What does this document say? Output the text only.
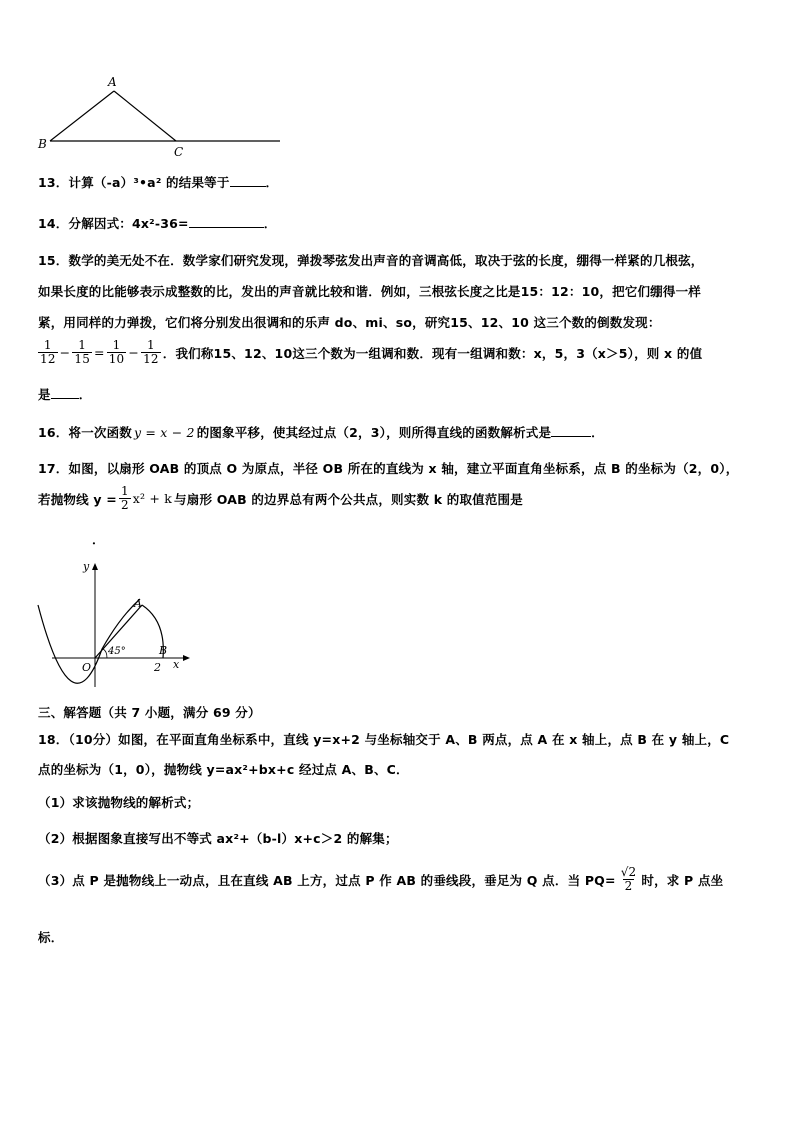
A
B
C
13．计算（-a）³•a² 的结果等于	．
14．分解因式：4x²-36=	．
15．数学的美无处不在．数学家们研究发现，弹拨琴弦发出声音的音调高低，取决于弦的长度，绷得一样紧的几根弦，
如果长度的比能够表示成整数的比，发出的声音就比较和谐．例如，三根弦长度之比是15：12：10，把它们绷得一样
紧，用同样的力弹拨，它们将分别发出很调和的乐声 do、mi、so，研究15、12、10 这三个数的倒数发现：
$\frac{1}{12} - \frac{1}{15} = \frac{1}{10} - \frac{1}{12}$ ．我们称15、12、10这三个数为一组调和数．现有一组调和数：x，5，3（x＞5），则 x 的值
是 ．
16．将一次函数 y = x − 2 的图象平移，使其经过点（2，3），则所得直线的函数解析式是	．
17．如图，以扇形 OAB 的顶点 O 为原点，半径 OB 所在的直线为 x 轴，建立平面直角坐标系，点 B 的坐标为（2，0），
若抛物线 $y = \frac{1}{2} x^2 + k$ 与扇形 OAB 的边界总有两个公共点，则实数 k 的取值范围是
．
y
A
45°	B
O	2 x
三、解答题（共 7 小题，满分 69 分）
18．（10分）如图，在平面直角坐标系中，直线 y=x+2 与坐标轴交于 A、B 两点，点 A 在 x 轴上，点 B 在 y 轴上，C
点的坐标为（1，0），抛物线 y=ax²+bx+c 经过点 A、B、C．
（1）求该抛物线的解析式；
（2）根据图象直接写出不等式 ax²+（b-l）x+c＞2 的解集；
（3）点 P 是抛物线上一动点，且在直线 AB 上方，过点 P 作 AB 的垂线段，垂足为 Q 点．当 $PQ= \frac{√2}{2}$ 时，求 P 点坐
标．
